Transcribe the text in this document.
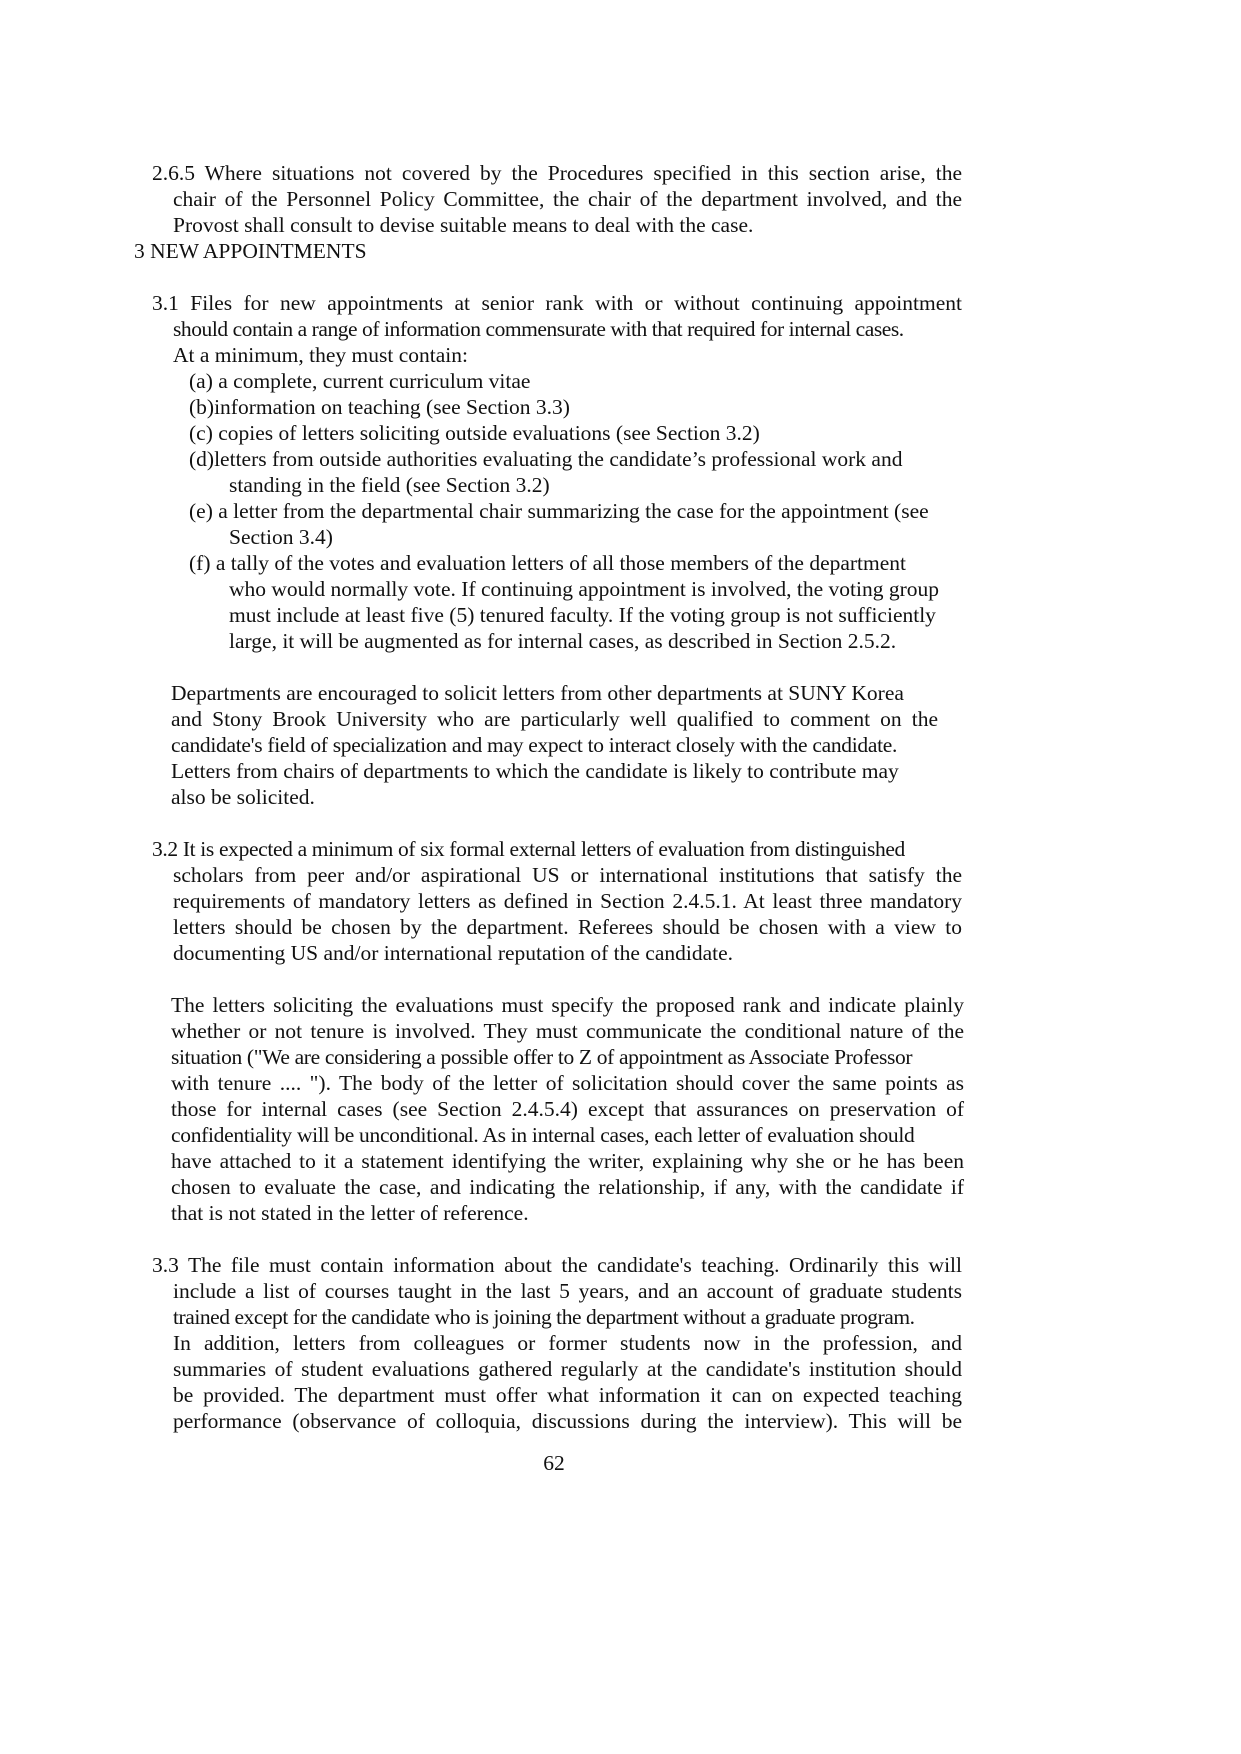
2.6.5 Where situations not covered by the Procedures specified in this section arise, the
chair of the Personnel Policy Committee, the chair of the department involved, and the
Provost shall consult to devise suitable means to deal with the case.
3 NEW APPOINTMENTS
3.1 Files for new appointments at senior rank with or without continuing appointment
should contain a range of information commensurate with that required for internal cases.
At a minimum, they must contain:
(a) a complete, current curriculum vitae
(b)information on teaching (see Section 3.3)
(c) copies of letters soliciting outside evaluations (see Section 3.2)
(d)letters from outside authorities evaluating the candidate’s professional work and
standing in the field (see Section 3.2)
(e) a letter from the departmental chair summarizing the case for the appointment (see
Section 3.4)
(f) a tally of the votes and evaluation letters of all those members of the department
who would normally vote. If continuing appointment is involved, the voting group
must include at least five (5) tenured faculty. If the voting group is not sufficiently
large, it will be augmented as for internal cases, as described in Section 2.5.2.
Departments are encouraged to solicit letters from other departments at SUNY Korea
and Stony Brook University who are particularly well qualified to comment on the
candidate's field of specialization and may expect to interact closely with the candidate.
Letters from chairs of departments to which the candidate is likely to contribute may
also be solicited.
3.2 It is expected a minimum of six formal external letters of evaluation from distinguished
scholars from peer and/or aspirational US or international institutions that satisfy the
requirements of mandatory letters as defined in Section 2.4.5.1. At least three mandatory
letters should be chosen by the department. Referees should be chosen with a view to
documenting US and/or international reputation of the candidate.
The letters soliciting the evaluations must specify the proposed rank and indicate plainly
whether or not tenure is involved. They must communicate the conditional nature of the
situation ("We are considering a possible offer to Z of appointment as Associate Professor
with tenure .... "). The body of the letter of solicitation should cover the same points as
those for internal cases (see Section 2.4.5.4) except that assurances on preservation of
confidentiality will be unconditional. As in internal cases, each letter of evaluation should
have attached to it a statement identifying the writer, explaining why she or he has been
chosen to evaluate the case, and indicating the relationship, if any, with the candidate if
that is not stated in the letter of reference.
3.3 The file must contain information about the candidate's teaching. Ordinarily this will
include a list of courses taught in the last 5 years, and an account of graduate students
trained except for the candidate who is joining the department without a graduate program.
In addition, letters from colleagues or former students now in the profession, and
summaries of student evaluations gathered regularly at the candidate's institution should
be provided. The department must offer what information it can on expected teaching
performance (observance of colloquia, discussions during the interview). This will be
62
